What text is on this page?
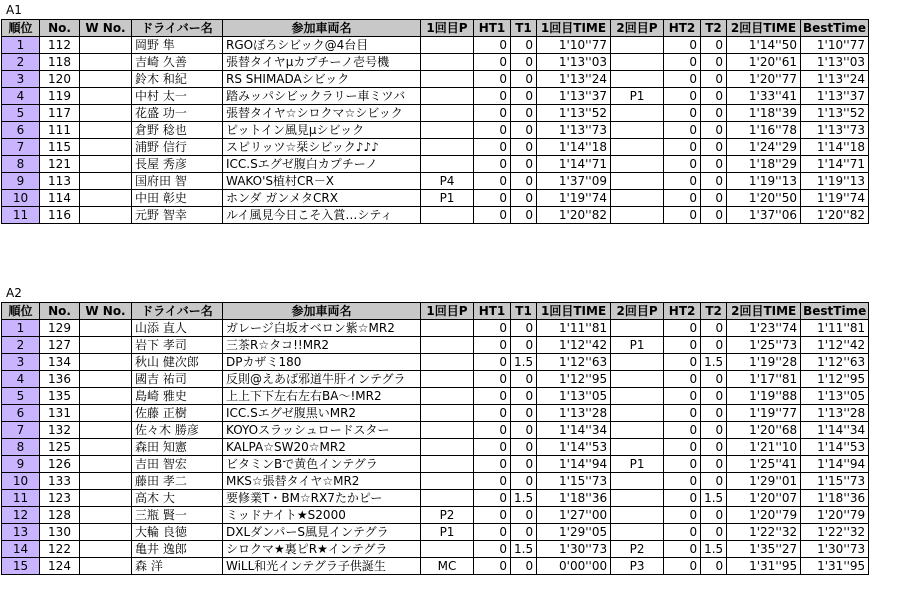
A1
順位	No.	W No.	ドライバー名	参加車両名	1回目P	HT1	T1	1回目TIME	2回目P	HT2	T2	2回目TIME	BestTime
1	112		岡野 隼	RGOぼろシビック@4台目		0	0	1'10''77		0	0	1'14''50	1'10''77
2	118		吉崎 久善	張替タイヤμカプチーノ壱号機		0	0	1'13''03		0	0	1'20''61	1'13''03
3	120		鈴木 和紀	RS SHIMADAシビック		0	0	1'13''24		0	0	1'20''77	1'13''24
4	119		中村 太一	踏みッパシビックラリー車ミツバ		0	0	1'13''37	P1	0	0	1'33''41	1'13''37
5	117		花盛 功一	張替タイヤ☆シロクマ☆シビック		0	0	1'13''52		0	0	1'18''39	1'13''52
6	111		倉野 稔也	ピットイン風見μシビック		0	0	1'13''73		0	0	1'16''78	1'13''73
7	115		浦野 信行	スピリッツ☆栞シビック♪♪♪		0	0	1'14''18		0	0	1'24''29	1'14''18
8	121		長屋 秀彦	ICC.Sエグゼ腹白カプチーノ		0	0	1'14''71		0	0	1'18''29	1'14''71
9	113		国府田 智	WAKO'S植村CR－X	P4	0	0	1'37''09		0	0	1'19''13	1'19''13
10	114		中田 彰史	ホンダ ガンメタCRX	P1	0	0	1'19''74		0	0	1'20''50	1'19''74
11	116		元野 智幸	ルイ風見今日こそ入賞…シティ		0	0	1'20''82		0	0	1'37''06	1'20''82
A2
順位	No.	W No.	ドライバー名	参加車両名	1回目P	HT1	T1	1回目TIME	2回目P	HT2	T2	2回目TIME	BestTime
1	129		山添 直人	ガレージ白坂オベロン紫☆MR2		0	0	1'11''81		0	0	1'23''74	1'11''81
2	127		岩下 孝司	三茶R☆タコ!!MR2		0	0	1'12''42	P1	0	0	1'25''73	1'12''42
3	134		秋山 健次郎	DPカザミ180		0	1.5	1'12''63		0	1.5	1'19''28	1'12''63
4	136		國吉 祐司	反則@えあば邪道牛肝インテグラ		0	0	1'12''95		0	0	1'17''81	1'12''95
5	135		島崎 雅史	上上下下左右左右BA～!MR2		0	0	1'13''05		0	0	1'19''88	1'13''05
6	131		佐藤 正樹	ICC.Sエグゼ腹黒いMR2		0	0	1'13''28		0	0	1'19''77	1'13''28
7	132		佐々木 勝彦	KOYOスラッシュロードスター		0	0	1'14''34		0	0	1'20''68	1'14''34
8	125		森田 知憲	KALPA☆SW20☆MR2		0	0	1'14''53		0	0	1'21''10	1'14''53
9	126		吉田 智宏	ビタミンBで黄色インテグラ		0	0	1'14''94	P1	0	0	1'25''41	1'14''94
10	133		藤田 孝二	MKS☆張替タイヤ☆MR2		0	0	1'15''73		0	0	1'29''01	1'15''73
11	123		高木 大	要修業T・BM☆RX7たかピー		0	1.5	1'18''36		0	1.5	1'20''07	1'18''36
12	128		三瓶 賢一	ミッドナイト★S2000	P2	0	0	1'27''00		0	0	1'20''79	1'20''79
13	130		大輪 良徳	DXLダンパーS風見インテグラ	P1	0	0	1'29''05		0	0	1'22''32	1'22''32
14	122		亀井 逸郎	シロクマ★裏ピR★インテグラ		0	1.5	1'30''73	P2	0	1.5	1'35''27	1'30''73
15	124		森 洋	WiLL和光インテグラ子供誕生	MC	0	0	0'00''00	P3	0	0	1'31''95	1'31''95
